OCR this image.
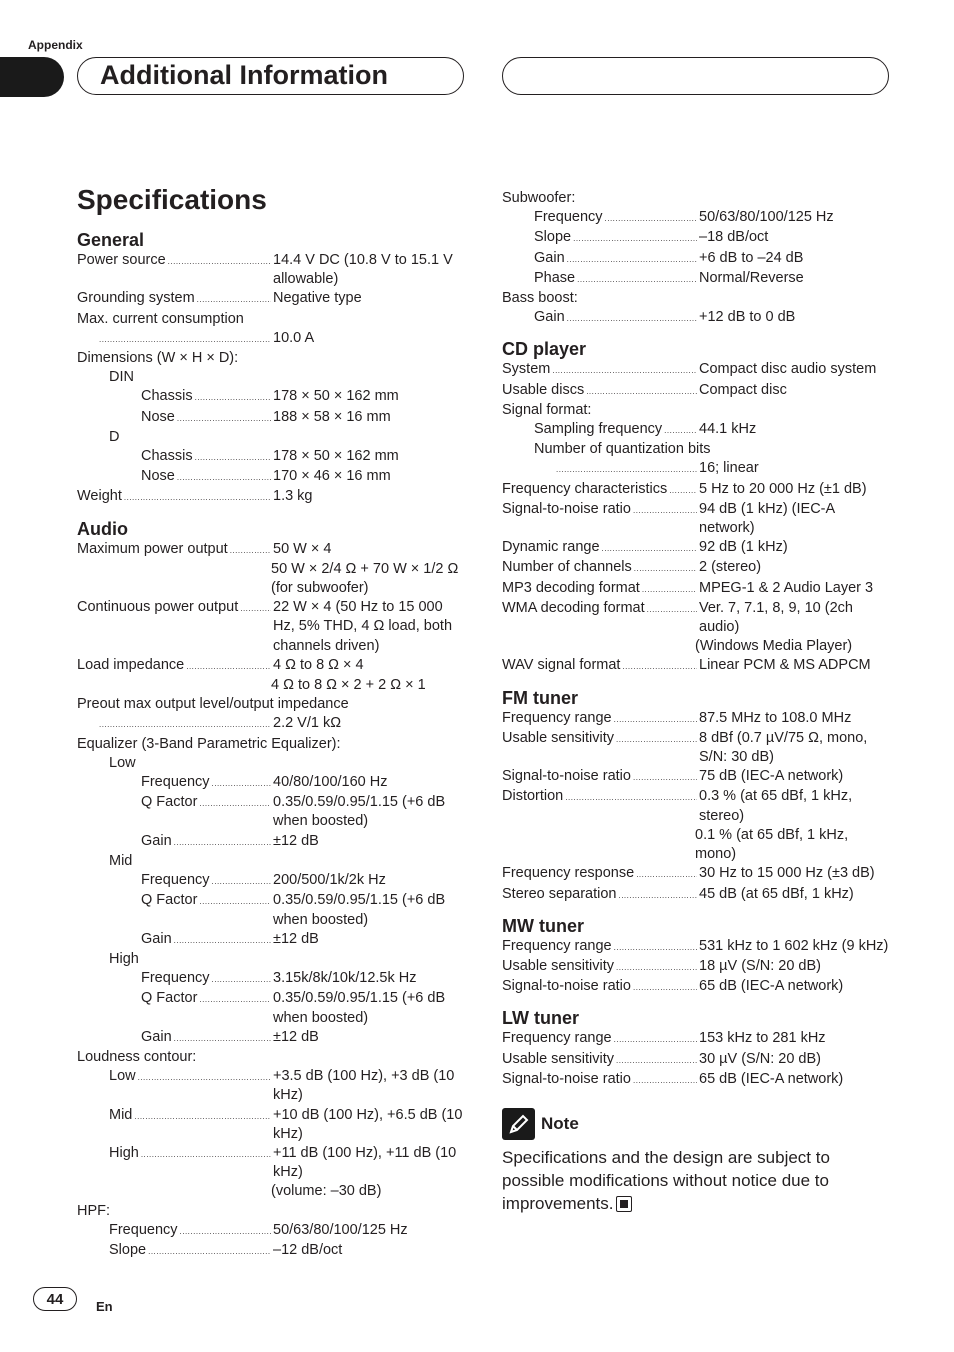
Appendix
Additional Information
Specifications
General
Power source .....	14.4 V DC (10.8 V to 15.1 V allowable)
Grounding system .....	Negative type
Max. current consumption
.....
10.0 A
Dimensions (W × H × D):
DIN
Chassis .....	178 × 50 × 162 mm
Nose .....	188 × 58 × 16 mm
D
Chassis .....	178 × 50 × 162 mm
Nose .....	170 × 46 × 16 mm
Weight .....	1.3 kg
Audio
Maximum power output .....	50 W × 4
50 W × 2/4 Ω + 70 W × 1/2 Ω (for subwoofer)
Continuous power output ..... 22 W × 4 (50 Hz to 15 000 Hz, 5% THD, 4 Ω load, both channels driven)
Load impedance .....	4 Ω to 8 Ω × 4
4 Ω to 8 Ω × 2 + 2 Ω × 1
Preout max output level/output impedance
.....
2.2 V/1 kΩ
Equalizer (3-Band Parametric Equalizer):
Low
Frequency .....	40/80/100/160 Hz
Q Factor .....	0.35/0.59/0.95/1.15 (+6 dB when boosted)
Gain .....	±12 dB
Mid
Frequency .....	200/500/1k/2k Hz
Q Factor .....	0.35/0.59/0.95/1.15 (+6 dB when boosted)
Gain .....	±12 dB
High
Frequency .....	3.15k/8k/10k/12.5k Hz
Q Factor .....	0.35/0.59/0.95/1.15 (+6 dB when boosted)
Gain .....	±12 dB
Loudness contour:
Low .....	+3.5 dB (100 Hz), +3 dB (10 kHz)
Mid .....	+10 dB (100 Hz), +6.5 dB (10 kHz)
High .....	+11 dB (100 Hz), +11 dB (10 kHz)
(volume: –30 dB)
HPF:
Frequency .....	50/63/80/100/125 Hz
Slope .....	–12 dB/oct
Subwoofer:
Frequency .....	50/63/80/100/125 Hz
Slope .....	–18 dB/oct
Gain .....	+6 dB to –24 dB
Phase .....	Normal/Reverse
Bass boost:
Gain .....	+12 dB to 0 dB
CD player
System .....	Compact disc audio system
Usable discs .....	Compact disc
Signal format:
Sampling frequency .....	44.1 kHz
Number of quantization bits
.....
16; linear
Frequency characteristics ..... 5 Hz to 20 000 Hz (±1 dB)
Signal-to-noise ratio .....	94 dB (1 kHz) (IEC-A network)
Dynamic range .....	92 dB (1 kHz)
Number of channels .....	2 (stereo)
MP3 decoding format .....	MPEG-1 & 2 Audio Layer 3
WMA decoding format .....	Ver. 7, 7.1, 8, 9, 10 (2ch audio)
(Windows Media Player)
WAV signal format .....	Linear PCM & MS ADPCM
FM tuner
Frequency range .....	87.5 MHz to 108.0 MHz
Usable sensitivity .....	8 dBf (0.7 µV/75 Ω, mono, S/N: 30 dB)
Signal-to-noise ratio .....	75 dB (IEC-A network)
Distortion .....	0.3 % (at 65 dBf, 1 kHz, stereo)
0.1 % (at 65 dBf, 1 kHz, mono)
Frequency response .....	30 Hz to 15 000 Hz (±3 dB)
Stereo separation .....	45 dB (at 65 dBf, 1 kHz)
MW tuner
Frequency range .....	531 kHz to 1 602 kHz (9 kHz)
Usable sensitivity .....	18 µV (S/N: 20 dB)
Signal-to-noise ratio .....	65 dB (IEC-A network)
LW tuner
Frequency range .....	153 kHz to 281 kHz
Usable sensitivity .....	30 µV (S/N: 20 dB)
Signal-to-noise ratio .....	65 dB (IEC-A network)
Note
Specifications and the design are subject to possible modifications without notice due to improvements.
44	En
